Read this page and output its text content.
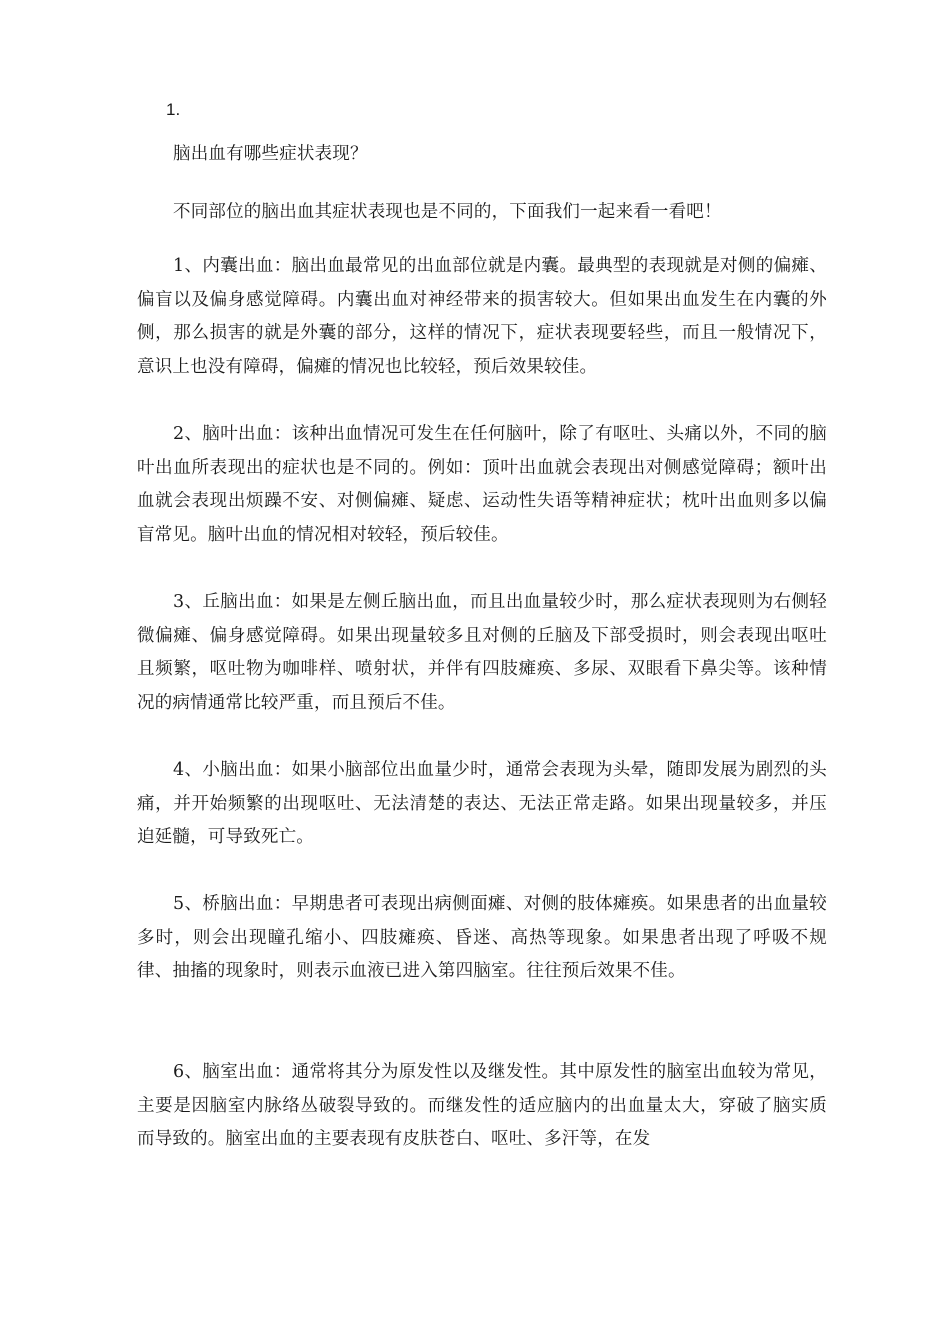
1.

脑出血有哪些症状表现？

不同部位的脑出血其症状表现也是不同的，下面我们一起来看一看吧！

1、内囊出血：脑出血最常见的出血部位就是内囊。最典型的表现就是对侧的偏瘫、偏盲以及偏身感觉障碍。内囊出血对神经带来的损害较大。但如果出血发生在内囊的外侧，那么损害的就是外囊的部分，这样的情况下，症状表现要轻些，而且一般情况下，意识上也没有障碍，偏瘫的情况也比较轻，预后效果较佳。

2、脑叶出血：该种出血情况可发生在任何脑叶，除了有呕吐、头痛以外，不同的脑叶出血所表现出的症状也是不同的。例如：顶叶出血就会表现出对侧感觉障碍；额叶出血就会表现出烦躁不安、对侧偏瘫、疑虑、运动性失语等精神症状；枕叶出血则多以偏盲常见。脑叶出血的情况相对较轻，预后较佳。

3、丘脑出血：如果是左侧丘脑出血，而且出血量较少时，那么症状表现则为右侧轻微偏瘫、偏身感觉障碍。如果出现量较多且对侧的丘脑及下部受损时，则会表现出呕吐且频繁，呕吐物为咖啡样、喷射状，并伴有四肢瘫痪、多尿、双眼看下鼻尖等。该种情况的病情通常比较严重，而且预后不佳。

4、小脑出血：如果小脑部位出血量少时，通常会表现为头晕，随即发展为剧烈的头痛，并开始频繁的出现呕吐、无法清楚的表达、无法正常走路。如果出现量较多，并压迫延髓，可导致死亡。

5、桥脑出血：早期患者可表现出病侧面瘫、对侧的肢体瘫痪。如果患者的出血量较多时，则会出现瞳孔缩小、四肢瘫痪、昏迷、高热等现象。如果患者出现了呼吸不规律、抽搐的现象时，则表示血液已进入第四脑室。往往预后效果不佳。

6、脑室出血：通常将其分为原发性以及继发性。其中原发性的脑室出血较为常见，主要是因脑室内脉络丛破裂导致的。而继发性的适应脑内的出血量太大，穿破了脑实质而导致的。脑室出血的主要表现有皮肤苍白、呕吐、多汗等，在发
